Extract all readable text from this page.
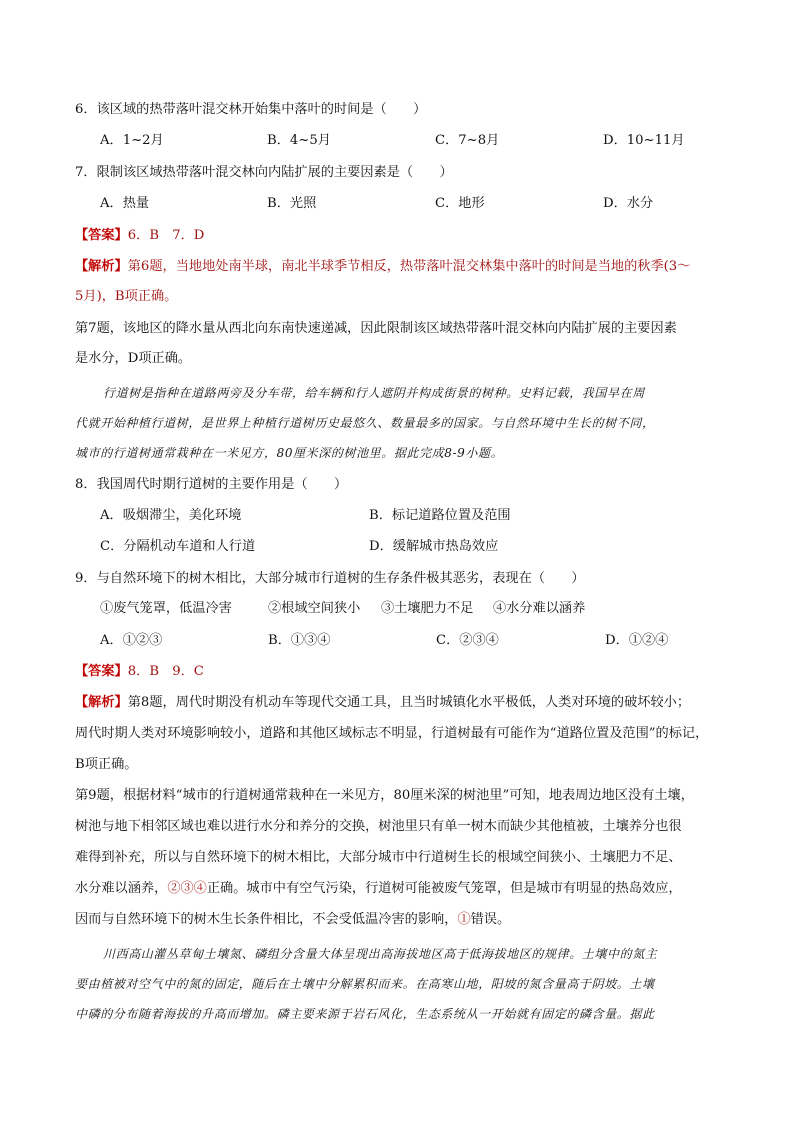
6．该区域的热带落叶混交林开始集中落叶的时间是（　　）
A．1~2月	B．4~5月	C．7~8月	D．10~11月
7．限制该区域热带落叶混交林向内陆扩展的主要因素是（　　）
A．热量	B．光照	C．地形	D．水分
【答案】6．B　7．D
【解析】第6题，当地地处南半球，南北半球季节相反，热带落叶混交林集中落叶的时间是当地的秋季(3～
5月)，B项正确。
第7题，该地区的降水量从西北向东南快速递减，因此限制该区域热带落叶混交林向内陆扩展的主要因素
是水分，D项正确。
行道树是指种在道路两旁及分车带，给车辆和行人遮阴并构成街景的树种。史料记载，我国早在周
代就开始种植行道树，是世界上种植行道树历史最悠久、数量最多的国家。与自然环境中生长的树不同，
城市的行道树通常栽种在一米见方，80厘米深的树池里。据此完成8-9小题。
8．我国周代时期行道树的主要作用是（　　）
A．吸烟滞尘，美化环境	B．标记道路位置及范围
C．分隔机动车道和人行道	D．缓解城市热岛效应
9．与自然环境下的树木相比，大部分城市行道树的生存条件极其恶劣，表现在（　　）
①废气笼罩，低温冷害	②根域空间狭小 ③土壤肥力不足 ④水分难以涵养
A．①②③	B．①③④	C．②③④	D．①②④
【答案】8．B　9．C
【解析】第8题，周代时期没有机动车等现代交通工具，且当时城镇化水平极低，人类对环境的破坏较小；
周代时期人类对环境影响较小，道路和其他区域标志不明显，行道树最有可能作为“道路位置及范围”的标记，
B项正确。
第9题，根据材料“城市的行道树通常栽种在一米见方，80厘米深的树池里”可知，地表周边地区没有土壤，
树池与地下相邻区域也难以进行水分和养分的交换，树池里只有单一树木而缺少其他植被，土壤养分也很
难得到补充，所以与自然环境下的树木相比，大部分城市中行道树生长的根域空间狭小、土壤肥力不足、
水分难以涵养，②③④正确。城市中有空气污染，行道树可能被废气笼罩，但是城市有明显的热岛效应，
因而与自然环境下的树木生长条件相比，不会受低温冷害的影响，①错误。
川西高山灌丛草甸土壤氮、磷组分含量大体呈现出高海拔地区高于低海拔地区的规律。土壤中的氮主
要由植被对空气中的氮的固定，随后在土壤中分解累积而来。在高寒山地，阳坡的氮含量高于阴坡。土壤
中磷的分布随着海拔的升高而增加。磷主要来源于岩石风化，生态系统从一开始就有固定的磷含量。据此
